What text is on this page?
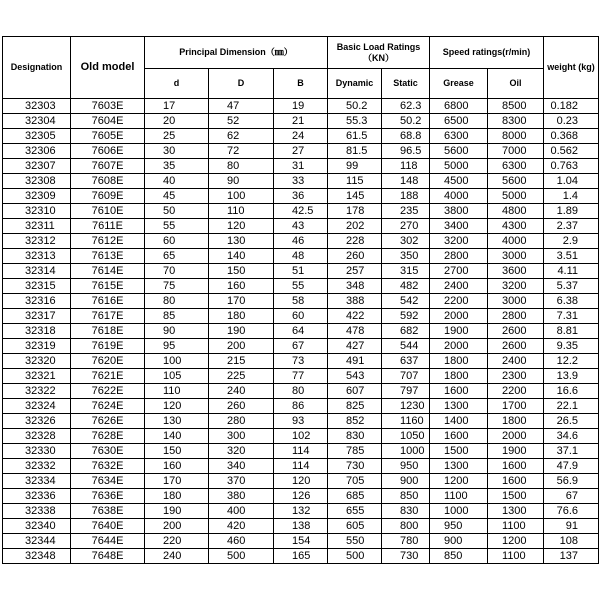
Designation	Old model	Principal Dimension（㎜）			Basic Load Ratings（KN）		Speed ratings(r/min)		weight (kg)
		d	D	B	Dynamic	Static	Grease	Oil	
32303	7603E	17	47	19	50.2	62.3	6800	8500	0.182
32304	7604E	20	52	21	55.3	50.2	6500	8300	0.23
32305	7605E	25	62	24	61.5	68.8	6300	8000	0.368
32306	7606E	30	72	27	81.5	96.5	5600	7000	0.562
32307	7607E	35	80	31	99	118	5000	6300	0.763
32308	7608E	40	90	33	115	148	4500	5600	1.04
32309	7609E	45	100	36	145	188	4000	5000	1.4
32310	7610E	50	110	42.5	178	235	3800	4800	1.89
32311	7611E	55	120	43	202	270	3400	4300	2.37
32312	7612E	60	130	46	228	302	3200	4000	2.9
32313	7613E	65	140	48	260	350	2800	3000	3.51
32314	7614E	70	150	51	257	315	2700	3600	4.11
32315	7615E	75	160	55	348	482	2400	3200	5.37
32316	7616E	80	170	58	388	542	2200	3000	6.38
32317	7617E	85	180	60	422	592	2000	2800	7.31
32318	7618E	90	190	64	478	682	1900	2600	8.81
32319	7619E	95	200	67	427	544	2000	2600	9.35
32320	7620E	100	215	73	491	637	1800	2400	12.2
32321	7621E	105	225	77	543	707	1800	2300	13.9
32322	7622E	110	240	80	607	797	1600	2200	16.6
32324	7624E	120	260	86	825	1230	1300	1700	22.1
32326	7626E	130	280	93	852	1160	1400	1800	26.5
32328	7628E	140	300	102	830	1050	1600	2000	34.6
32330	7630E	150	320	114	785	1000	1500	1900	37.1
32332	7632E	160	340	114	730	950	1300	1600	47.9
32334	7634E	170	370	120	705	900	1200	1600	56.9
32336	7636E	180	380	126	685	850	1100	1500	67
32338	7638E	190	400	132	655	830	1000	1300	76.6
32340	7640E	200	420	138	605	800	950	1100	91
32344	7644E	220	460	154	550	780	900	1200	108
32348	7648E	240	500	165	500	730	850	1100	137
